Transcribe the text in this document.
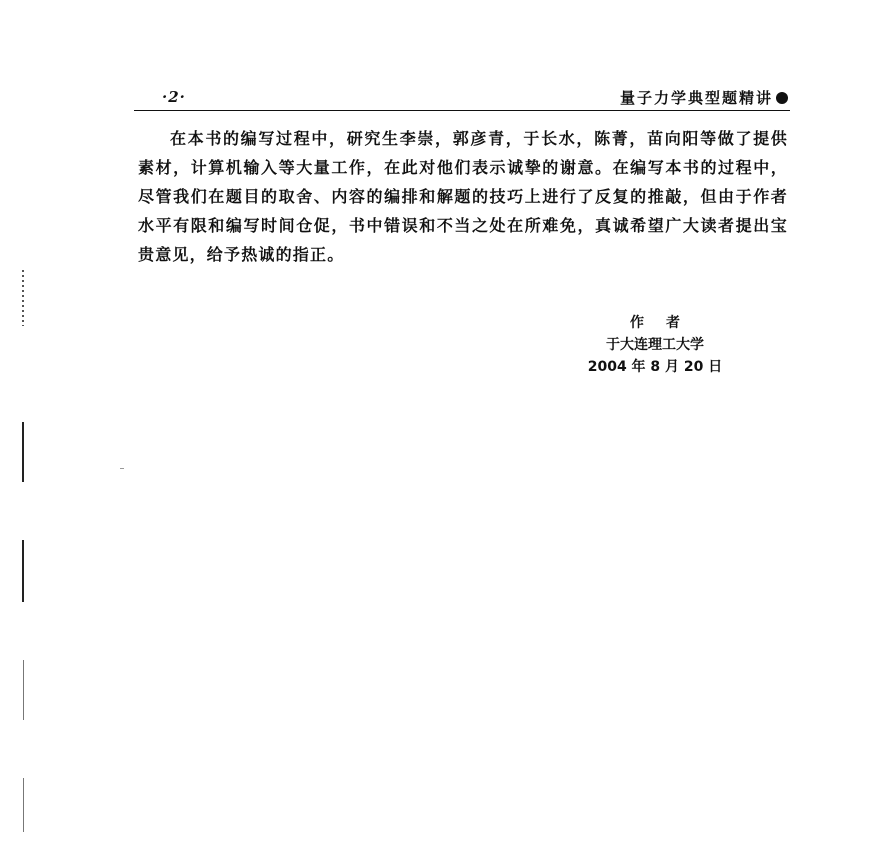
·2·	量子力学典型题精讲

在本书的编写过程中，研究生李崇，郭彦青，于长水，陈菁，苗向阳等做了提供素材，计算机输入等大量工作，在此对他们表示诚挚的谢意。在编写本书的过程中，尽管我们在题目的取舍、内容的编排和解题的技巧上进行了反复的推敲，但由于作者水平有限和编写时间仓促，书中错误和不当之处在所难免，真诚希望广大读者提出宝贵意见，给予热诚的指正。

作者
于大连理工大学
2004 年 8 月 20 日
